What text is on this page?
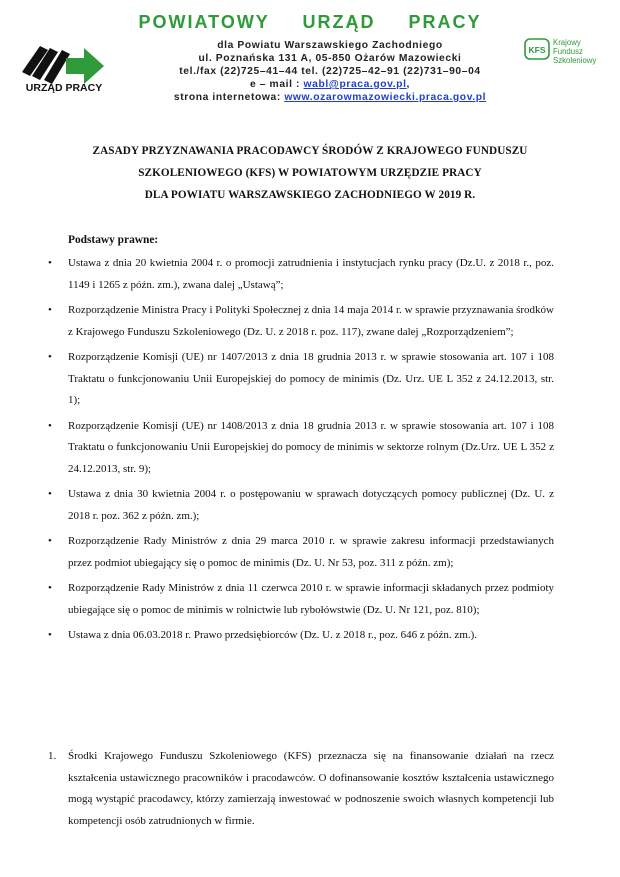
URZĄD PRACY
POWIATOWY URZĄD PRACY
dla Powiatu Warszawskiego Zachodniego
ul. Poznańska 131 A, 05-850 Ożarów Mazowiecki
tel./fax (22)725–41–44 tel. (22)725–42–91 (22)731–90–04
e – mail : wabl@praca.gov.pl,
strona internetowa: www.ozarowmazowiecki.praca.gov.pl
KFS
Krajowy
Fundusz
Szkoleniowy
ZASADY PRZYZNAWANIA PRACODAWCY ŚRODÓW Z KRAJOWEGO FUNDUSZU
SZKOLENIOWEGO (KFS) W POWIATOWYM URZĘDZIE PRACY
DLA POWIATU WARSZAWSKIEGO ZACHODNIEGO W 2019 R.
Podstawy prawne:
• Ustawa z dnia 20 kwietnia 2004 r. o promocji zatrudnienia i instytucjach rynku pracy (Dz.U. z 2018 r., poz. 1149 i 1265 z późn. zm.), zwana dalej „Ustawą”;
• Rozporządzenie Ministra Pracy i Polityki Społecznej z dnia 14 maja 2014 r. w sprawie przyznawania środków z Krajowego Funduszu Szkoleniowego (Dz. U. z 2018 r. poz. 117), zwane dalej „Rozporządzeniem”;
• Rozporządzenie Komisji (UE) nr 1407/2013 z dnia 18 grudnia 2013 r. w sprawie stosowania art. 107 i 108 Traktatu o funkcjonowaniu Unii Europejskiej do pomocy de minimis (Dz. Urz. UE L 352 z 24.12.2013, str. 1);
• Rozporządzenie Komisji (UE) nr 1408/2013 z dnia 18 grudnia 2013 r. w sprawie stosowania art. 107 i 108 Traktatu o funkcjonowaniu Unii Europejskiej do pomocy de minimis w sektorze rolnym (Dz.Urz. UE L 352 z 24.12.2013, str. 9);
• Ustawa z dnia 30 kwietnia 2004 r. o postępowaniu w sprawach dotyczących pomocy publicznej (Dz. U. z 2018 r. poz. 362 z późn. zm.);
• Rozporządzenie Rady Ministrów z dnia 29 marca 2010 r. w sprawie zakresu informacji przedstawianych przez podmiot ubiegający się o pomoc de minimis (Dz. U. Nr 53, poz. 311 z późn. zm);
• Rozporządzenie Rady Ministrów z dnia 11 czerwca 2010 r. w sprawie informacji składanych przez podmioty ubiegające się o pomoc de minimis w rolnictwie lub rybołówstwie (Dz. U. Nr 121, poz. 810);
• Ustawa z dnia 06.03.2018 r. Prawo przedsiębiorców (Dz. U. z 2018 r., poz. 646 z późn. zm.).
1. Środki Krajowego Funduszu Szkoleniowego (KFS) przeznacza się na finansowanie działań na rzecz kształcenia ustawicznego pracowników i pracodawców. O dofinansowanie kosztów kształcenia ustawicznego mogą wystąpić pracodawcy, którzy zamierzają inwestować w podnoszenie swoich własnych kompetencji lub kompetencji osób zatrudnionych w firmie.
